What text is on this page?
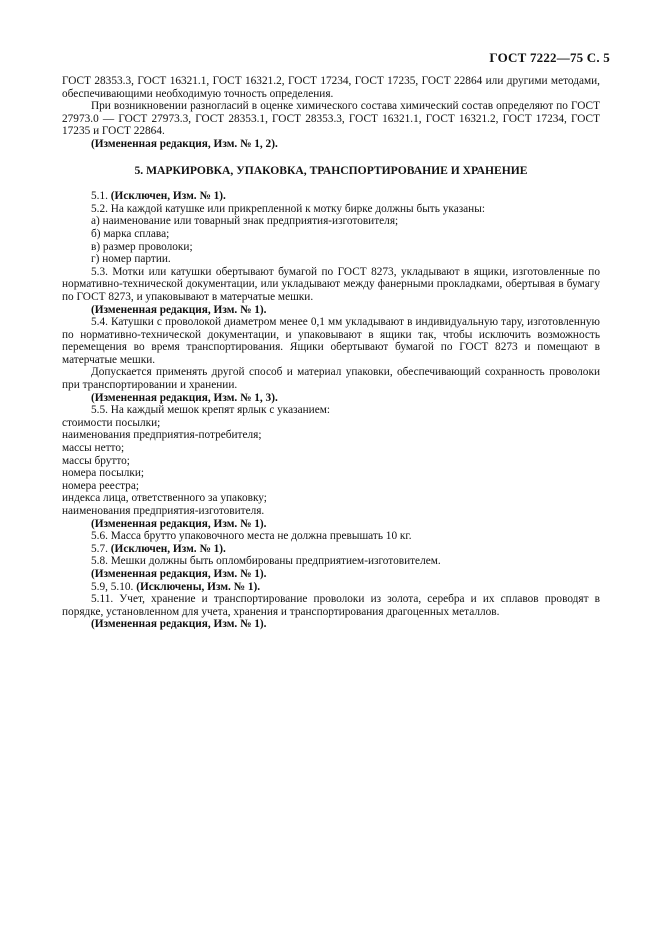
ГОСТ 7222—75 С. 5

ГОСТ 28353.3, ГОСТ 16321.1, ГОСТ 16321.2, ГОСТ 17234, ГОСТ 17235, ГОСТ 22864 или другими методами, обеспечивающими необходимую точность определения.

При возникновении разногласий в оценке химического состава химический состав определяют по ГОСТ 27973.0 — ГОСТ 27973.3, ГОСТ 28353.1, ГОСТ 28353.3, ГОСТ 16321.1, ГОСТ 16321.2, ГОСТ 17234, ГОСТ 17235 и ГОСТ 22864.

(Измененная редакция, Изм. № 1, 2).

5. МАРКИРОВКА, УПАКОВКА, ТРАНСПОРТИРОВАНИЕ И ХРАНЕНИЕ

5.1. (Исключен, Изм. № 1).

5.2. На каждой катушке или прикрепленной к мотку бирке должны быть указаны:

а) наименование или товарный знак предприятия-изготовителя;

б) марка сплава;

в) размер проволоки;

г) номер партии.

5.3. Мотки или катушки обертывают бумагой по ГОСТ 8273, укладывают в ящики, изготовленные по нормативно-технической документации, или укладывают между фанерными прокладками, обертывая в бумагу по ГОСТ 8273, и упаковывают в матерчатые мешки.

(Измененная редакция, Изм. № 1).

5.4. Катушки с проволокой диаметром менее 0,1 мм укладывают в индивидуальную тару, изготовленную по нормативно-технической документации, и упаковывают в ящики так, чтобы исключить возможность перемещения во время транспортирования. Ящики обертывают бумагой по ГОСТ 8273 и помещают в матерчатые мешки.

Допускается применять другой способ и материал упаковки, обеспечивающий сохранность проволоки при транспортировании и хранении.

(Измененная редакция, Изм. № 1, 3).

5.5. На каждый мешок крепят ярлык с указанием:

стоимости посылки;

наименования предприятия-потребителя;

массы нетто;

массы брутто;

номера посылки;

номера реестра;

индекса лица, ответственного за упаковку;

наименования предприятия-изготовителя.

(Измененная редакция, Изм. № 1).

5.6. Масса брутто упаковочного места не должна превышать 10 кг.

5.7. (Исключен, Изм. № 1).

5.8. Мешки должны быть опломбированы предприятием-изготовителем.

(Измененная редакция, Изм. № 1).

5.9, 5.10. (Исключены, Изм. № 1).

5.11. Учет, хранение и транспортирование проволоки из золота, серебра и их сплавов проводят в порядке, установленном для учета, хранения и транспортирования драгоценных металлов.

(Измененная редакция, Изм. № 1).
